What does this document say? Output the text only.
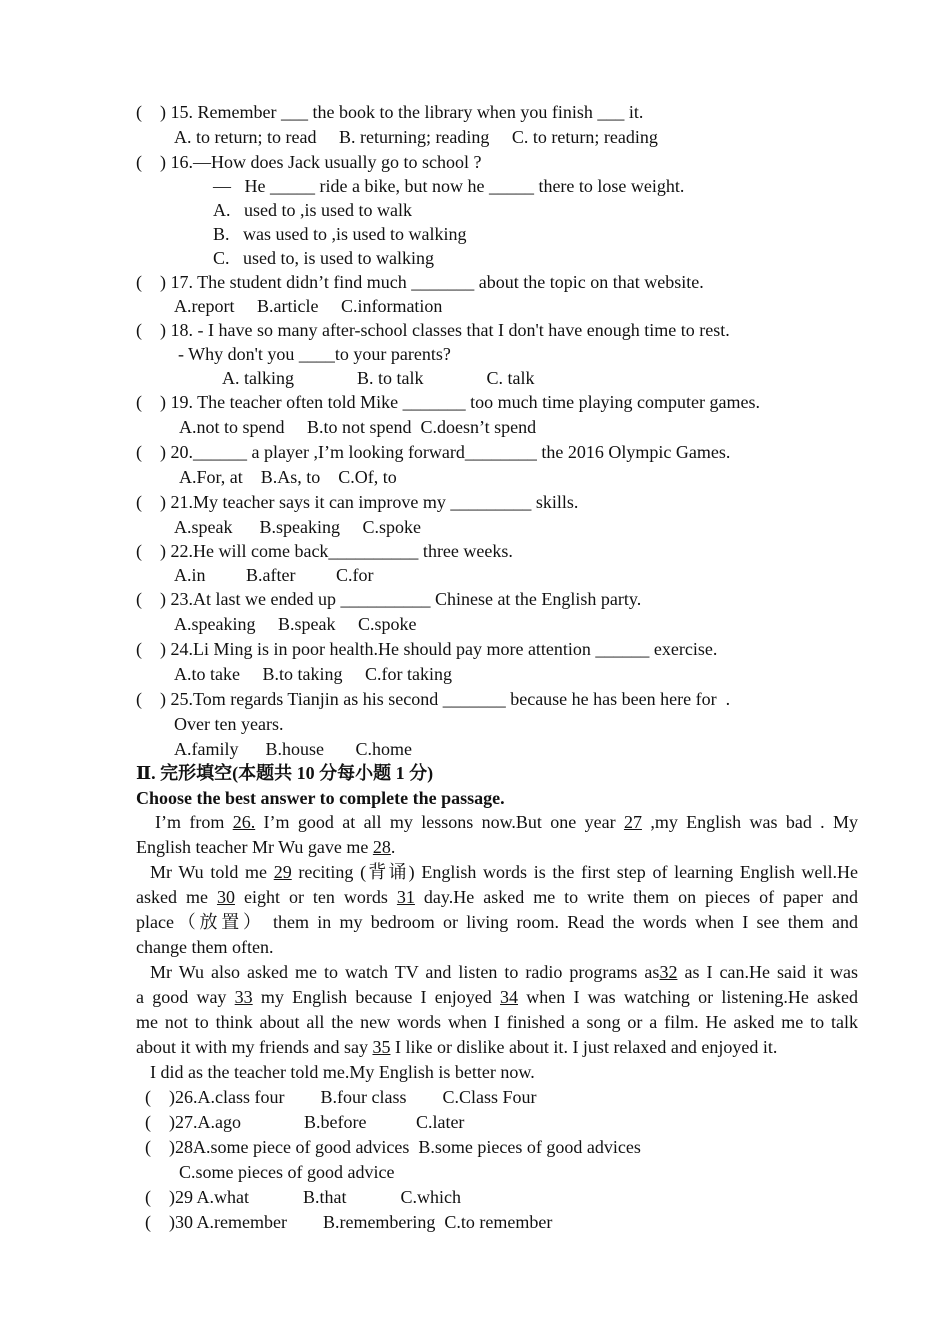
(    ) 15. Remember ___ the book to the library when you finish ___ it.
A. to return; to read     B. returning; reading     C. to return; reading
(    ) 16.—How does Jack usually go to school ?
—   He _____ ride a bike, but now he _____ there to lose weight.
A.   used to ,is used to walk
B.   was used to ,is used to walking
C.   used to, is used to walking
(    ) 17. The student didn’t find much _______ about the topic on that website.
A.report     B.article     C.information
(    ) 18. - I have so many after-school classes that I don't have enough time to rest.
- Why don't you ____to your parents?
A. talking              B. to talk              C. talk
(    ) 19. The teacher often told Mike _______ too much time playing computer games.
A.not to spend     B.to not spend  C.doesn’t spend
(    ) 20.______ a player ,I’m looking forward________ the 2016 Olympic Games.
A.For, at    B.As, to    C.Of, to
(    ) 21.My teacher says it can improve my _________ skills.
A.speak      B.speaking     C.spoke
(    ) 22.He will come back__________ three weeks.
A.in         B.after         C.for
(    ) 23.At last we ended up __________ Chinese at the English party.
A.speaking     B.speak     C.spoke
(    ) 24.Li Ming is in poor health.He should pay more attention ______ exercise.
A.to take     B.to taking     C.for taking
(    ) 25.Tom regards Tianjin as his second _______ because he has been here for  .
Over ten years.
A.family      B.house       C.home
Ⅱ. 完形填空(本题共 10 分每小题 1 分)
Choose the best answer to complete the passage.
I’m from 26. I’m good at all my lessons now.But one year 27 ,my English was bad . My
English teacher Mr Wu gave me 28.
Mr Wu told me 29 reciting (背诵) English words is the first step of learning English well.He
asked me 30 eight or ten words 31 day.He asked me to write them on pieces of paper and
place（放置） them in my bedroom or living room. Read the words when I see them and
change them often.
Mr Wu also asked me to watch TV and listen to radio programs as32 as I can.He said it was
a good way 33 my English because I enjoyed 34 when I was watching or listening.He asked
me not to think about all the new words when I finished a song or a film. He asked me to talk
about it with my friends and say 35 I like or dislike about it. I just relaxed and enjoyed it.
I did as the teacher told me.My English is better now.
(    )26.A.class four        B.four class        C.Class Four
(    )27.A.ago              B.before           C.later
(    )28A.some piece of good advices  B.some pieces of good advices
C.some pieces of good advice
(    )29 A.what            B.that            C.which
(    )30 A.remember        B.remembering  C.to remember
